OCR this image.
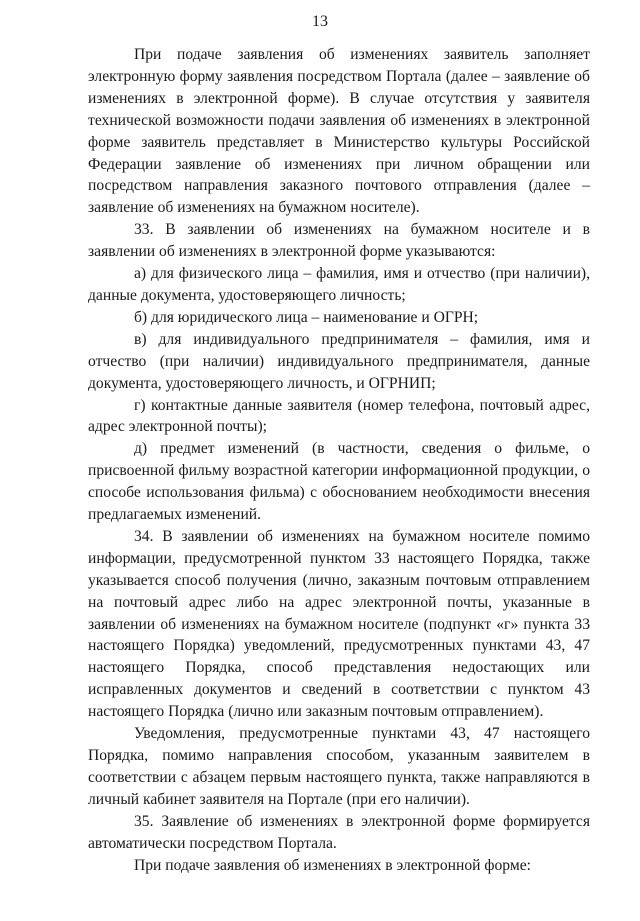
13

При подаче заявления об изменениях заявитель заполняет электронную форму заявления посредством Портала (далее – заявление об изменениях в электронной форме). В случае отсутствия у заявителя технической возможности подачи заявления об изменениях в электронной форме заявитель представляет в Министерство культуры Российской Федерации заявление об изменениях при личном обращении или посредством направления заказного почтового отправления (далее – заявление об изменениях на бумажном носителе).

33. В заявлении об изменениях на бумажном носителе и в заявлении об изменениях в электронной форме указываются:

а) для физического лица – фамилия, имя и отчество (при наличии), данные документа, удостоверяющего личность;

б) для юридического лица – наименование и ОГРН;

в) для индивидуального предпринимателя – фамилия, имя и отчество (при наличии) индивидуального предпринимателя, данные документа, удостоверяющего личность, и ОГРНИП;

г) контактные данные заявителя (номер телефона, почтовый адрес, адрес электронной почты);

д) предмет изменений (в частности, сведения о фильме, о присвоенной фильму возрастной категории информационной продукции, о способе использования фильма) с обоснованием необходимости внесения предлагаемых изменений.

34. В заявлении об изменениях на бумажном носителе помимо информации, предусмотренной пунктом 33 настоящего Порядка, также указывается способ получения (лично, заказным почтовым отправлением на почтовый адрес либо на адрес электронной почты, указанные в заявлении об изменениях на бумажном носителе (подпункт «г» пункта 33 настоящего Порядка) уведомлений, предусмотренных пунктами 43, 47 настоящего Порядка, способ представления недостающих или исправленных документов и сведений в соответствии с пунктом 43 настоящего Порядка (лично или заказным почтовым отправлением).

Уведомления, предусмотренные пунктами 43, 47 настоящего Порядка, помимо направления способом, указанным заявителем в соответствии с абзацем первым настоящего пункта, также направляются в личный кабинет заявителя на Портале (при его наличии).

35. Заявление об изменениях в электронной форме формируется автоматически посредством Портала.

При подаче заявления об изменениях в электронной форме:
